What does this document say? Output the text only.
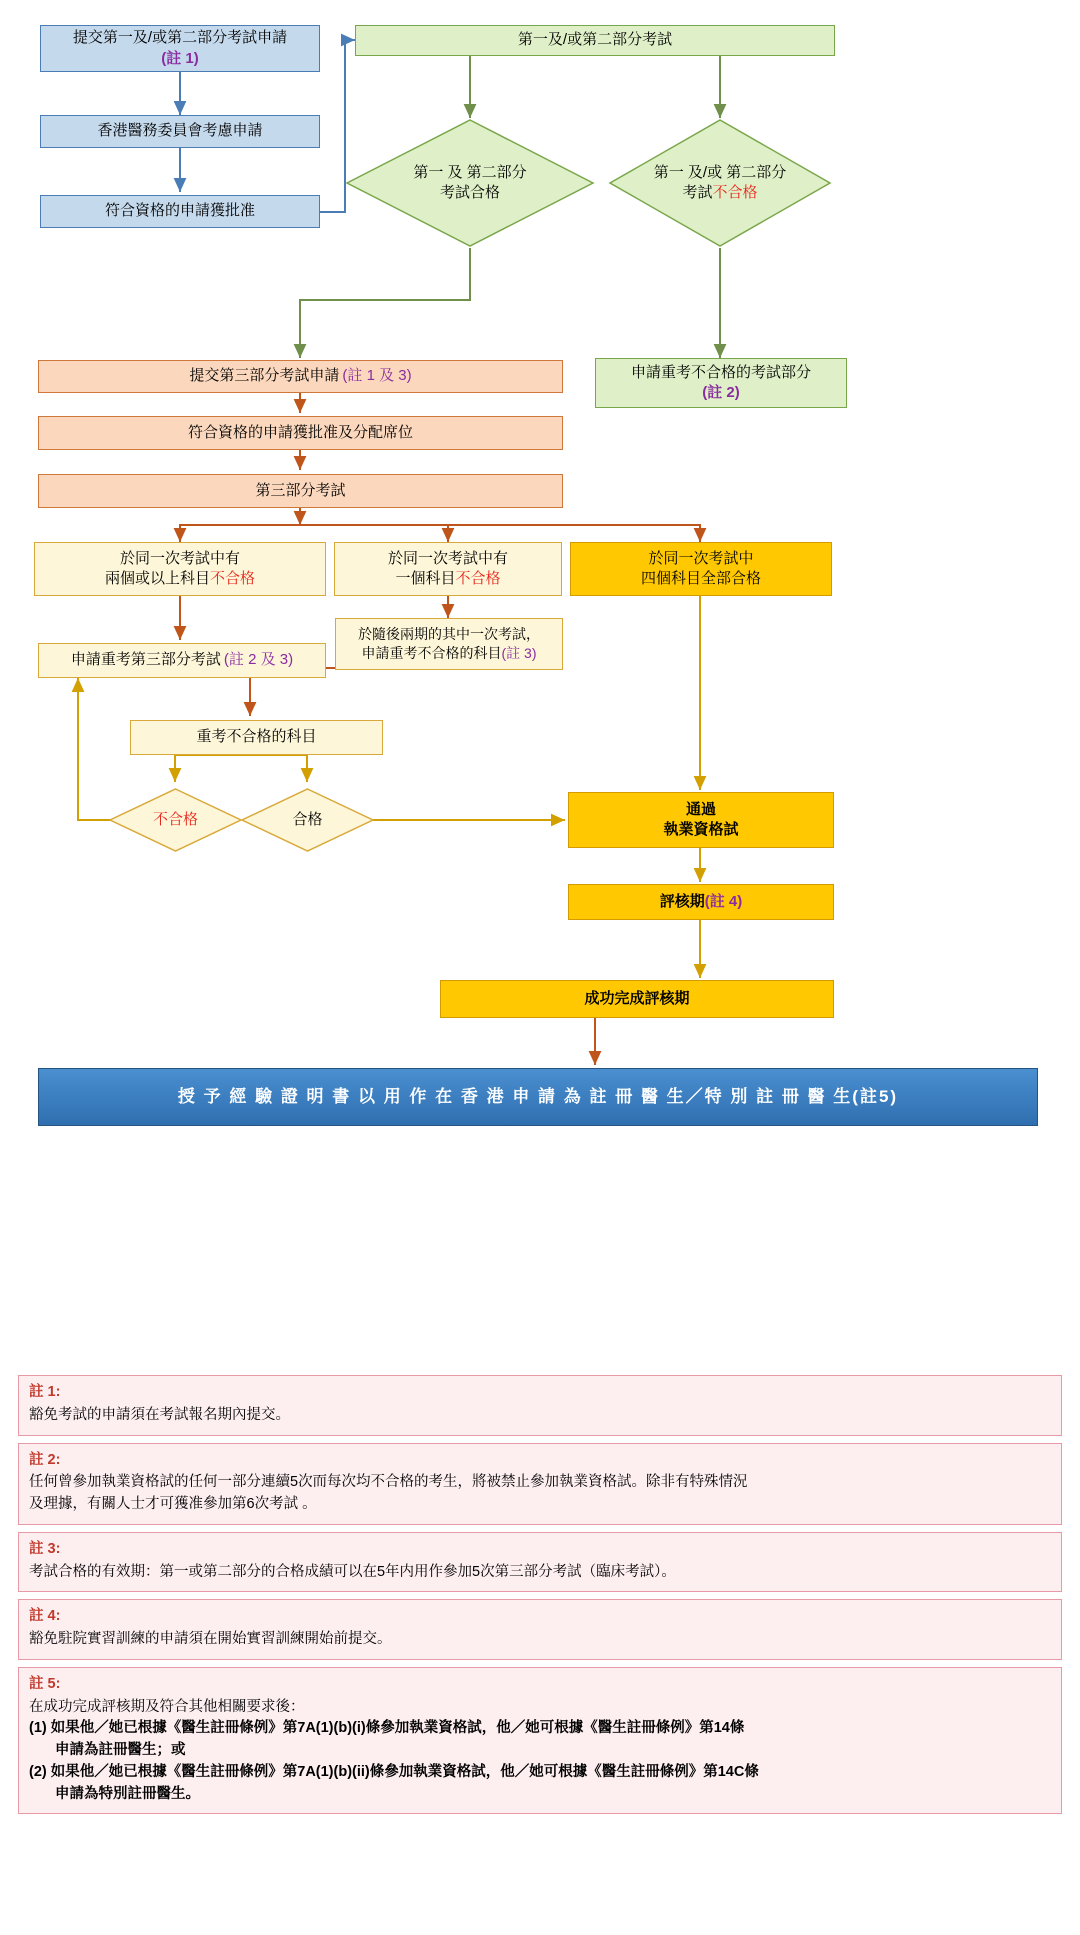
提交第一及/或第二部分考試申請
(註 1)
香港醫務委員會考慮申請
符合資格的申請獲批准
第一及/或第二部分考試
第一 及 第二部分
考試合格
第一 及/或 第二部分
考試不合格
申請重考不合格的考試部分
(註 2)
提交第三部分考試申請 (註 1 及 3)
符合資格的申請獲批准及分配席位
第三部分考試
於同一次考試中有
兩個或以上科目不合格
於同一次考試中有
一個科目不合格
於同一次考試中
四個科目全部合格
申請重考第三部分考試 (註 2 及 3)
於隨後兩期的其中一次考試，
申請重考不合格的科目(註 3)
重考不合格的科目
不合格	合格
通過
執業資格試
評核期 (註 4)
成功完成評核期
授 予 經 驗 證 明 書 以 用 作 在 香 港 申 請 為 註 冊 醫 生／特 別 註 冊 醫 生 (註5)
註 1:
豁免考試的申請須在考試報名期內提交。
註 2:
任何曾參加執業資格試的任何一部分連續5次而每次均不合格的考生，將被禁止參加執業資格試。除非有特殊情況
及理據，有關人士才可獲准參加第6次考試 。
註 3:
考試合格的有效期：第一或第二部分的合格成績可以在5年内用作參加5次第三部分考試（臨床考試）。
註 4:
豁免駐院實習訓練的申請須在開始實習訓練開始前提交。
註 5:
在成功完成評核期及符合其他相關要求後：
(1) 如果他／她已根據《醫生註冊條例》第7A(1)(b)(i)條參加執業資格試，他／她可根據《醫生註冊條例》第14條
申請為註冊醫生；或
(2) 如果他／她已根據《醫生註冊條例》第7A(1)(b)(ii)條參加執業資格試，他／她可根據《醫生註冊條例》第14C條
申請為特別註冊醫生。
